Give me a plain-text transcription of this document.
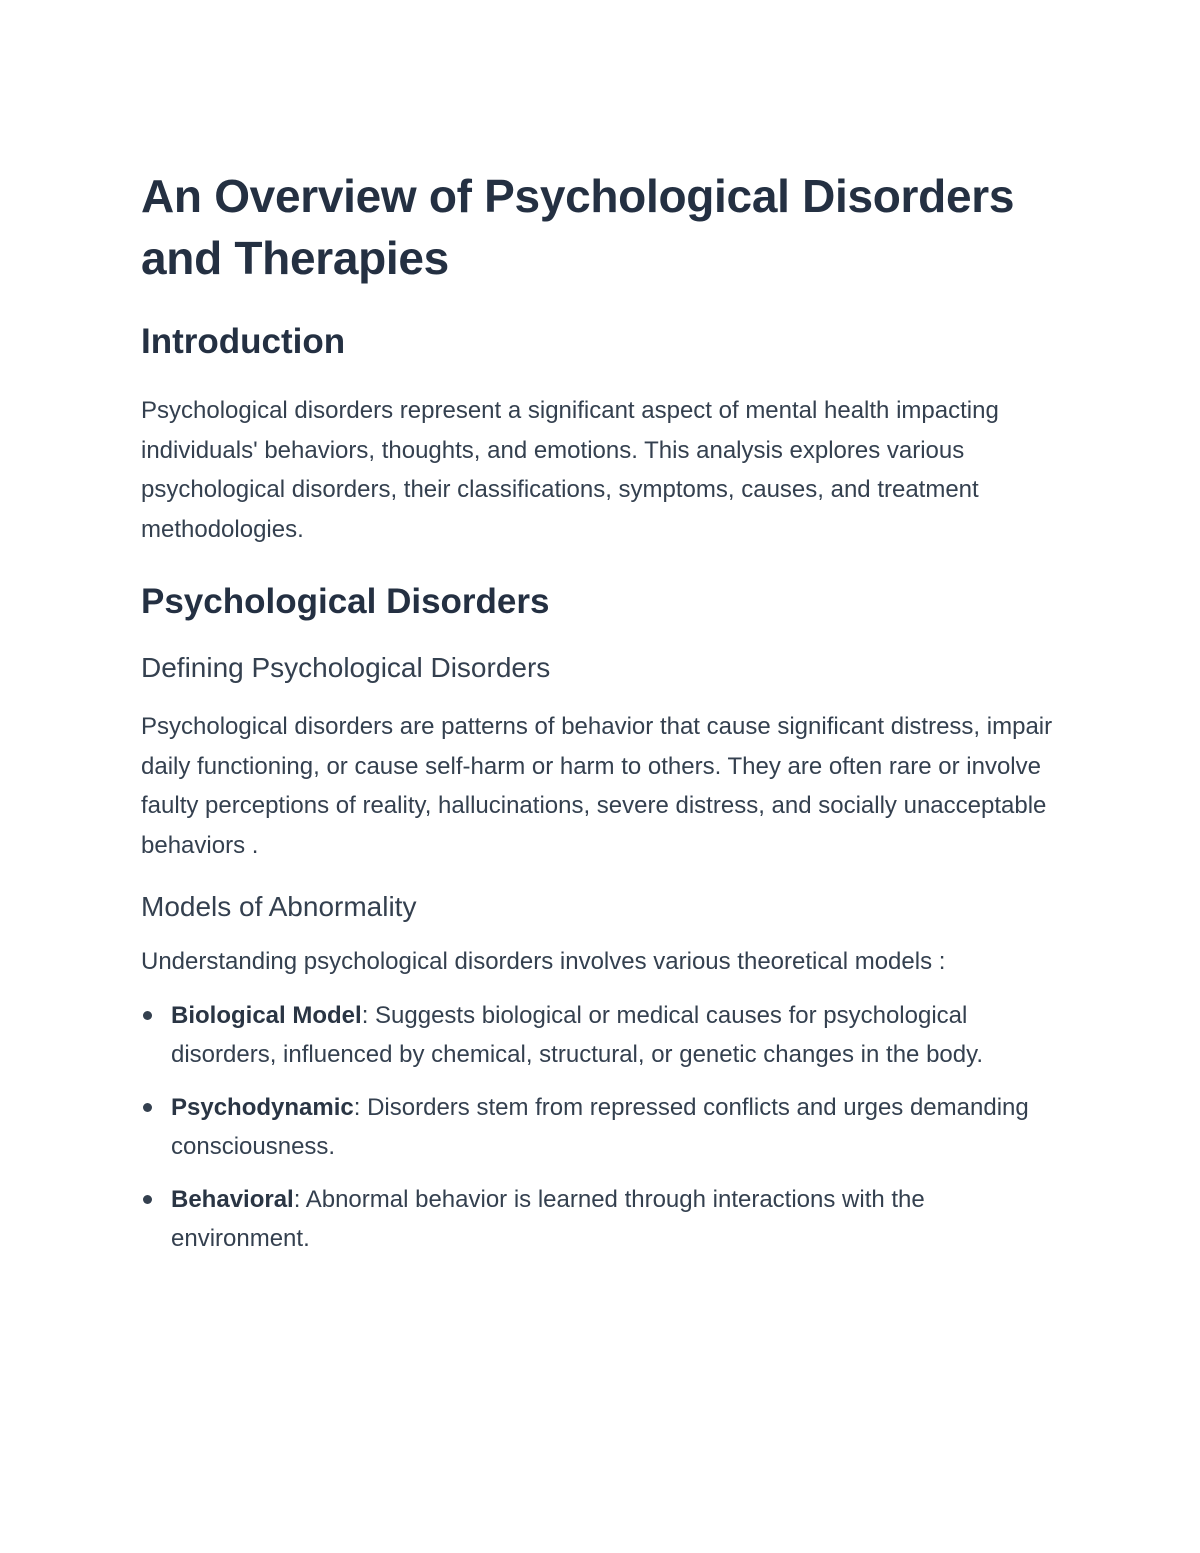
An Overview of Psychological Disorders and Therapies
Introduction

Psychological disorders represent a significant aspect of mental health impacting individuals' behaviors, thoughts, and emotions. This analysis explores various psychological disorders, their classifications, symptoms, causes, and treatment methodologies.

Psychological Disorders
Defining Psychological Disorders

Psychological disorders are patterns of behavior that cause significant distress, impair daily functioning, or cause self-harm or harm to others. They are often rare or involve faulty perceptions of reality, hallucinations, severe distress, and socially unacceptable behaviors .

Models of Abnormality

Understanding psychological disorders involves various theoretical models :

Biological Model: Suggests biological or medical causes for psychological disorders, influenced by chemical, structural, or genetic changes in the body.
Psychodynamic: Disorders stem from repressed conflicts and urges demanding consciousness.
Behavioral: Abnormal behavior is learned through interactions with the environment.
